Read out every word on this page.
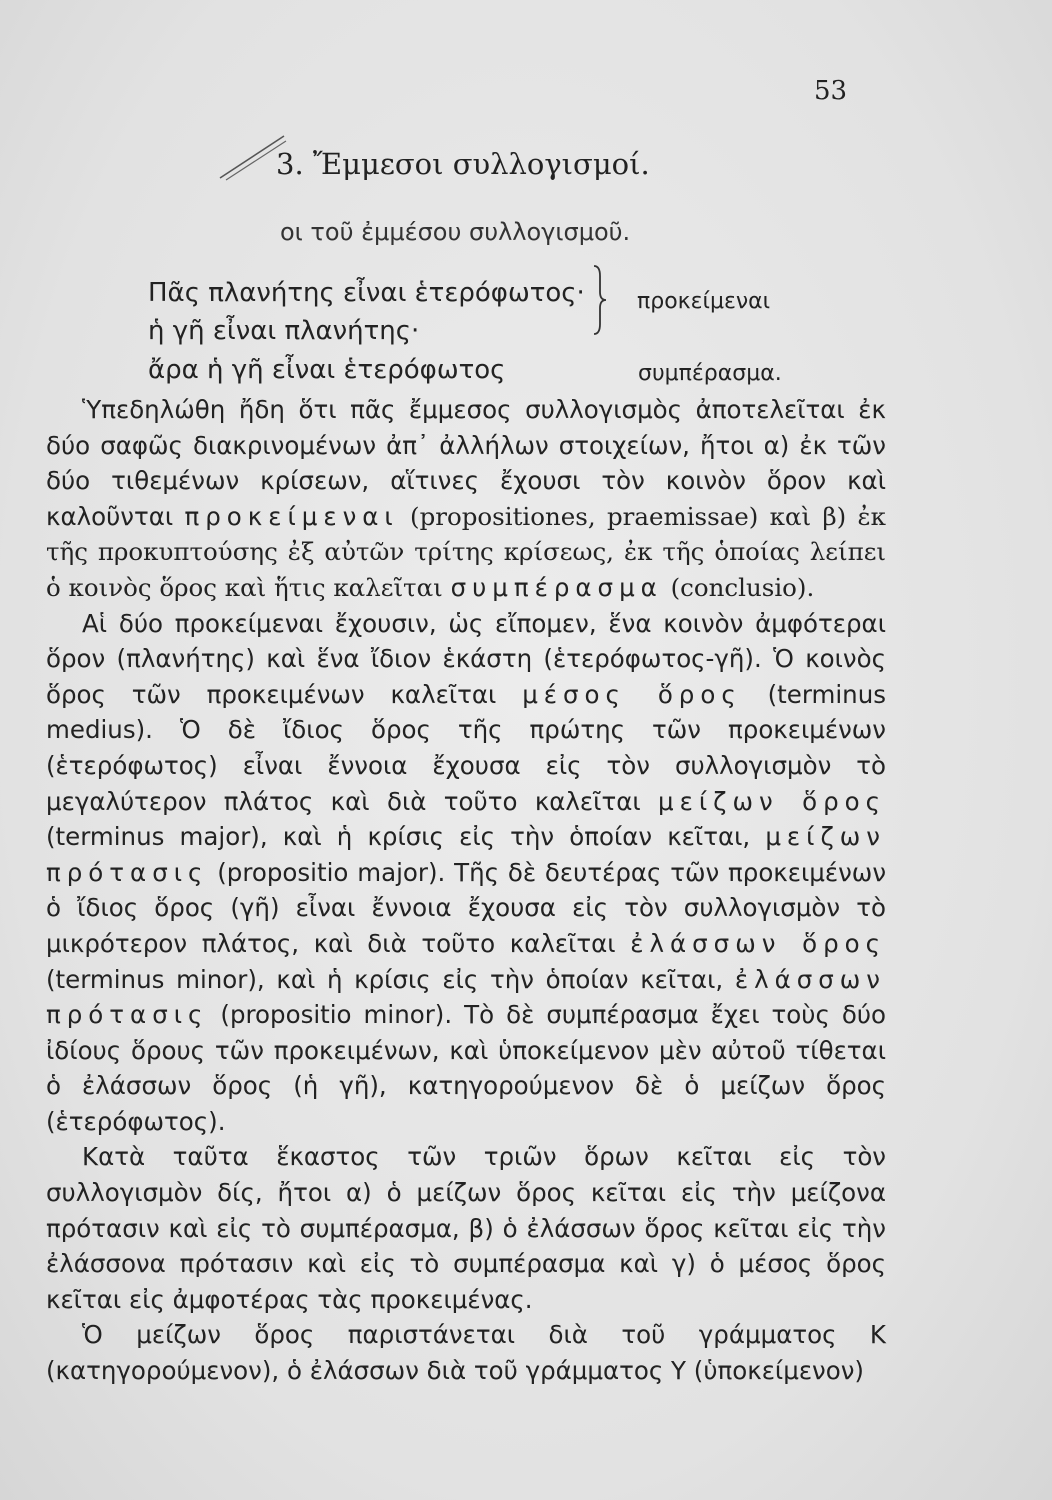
53
3. Ἔμμεσοι συλλογισμοί.
οι τοῦ ἐμμέσου συλλογισμοῦ.
Πᾶς πλανήτης εἶναι ἑτερόφωτος·
ἡ γῆ εἶναι πλανήτης·
ἄρα ἡ γῆ εἶναι ἑτερόφωτος
προκείμεναι
συμπέρασμα.

Ὑπεδηλώθη ἤδη ὅτι πᾶς ἔμμεσος συλλογισμὸς ἀποτελεῖται ἐκ δύο σαφῶς διακρινομένων ἀπ᾽ ἀλλήλων στοιχείων, ἤτοι α) ἐκ τῶν δύο τιθεμένων κρίσεων, αἵτινες ἔχουσι τὸν κοινὸν ὅρον καὶ καλοῦνται προκείμεναι (propositiones, praemissae) καὶ β) ἐκ τῆς προκυπτούσης ἐξ αὐτῶν τρίτης κρίσεως, ἐκ τῆς ὁποίας λείπει ὁ κοινὸς ὅρος καὶ ἥτις καλεῖται συμπέρασμα (conclusio).

Αἱ δύο προκείμεναι ἔχουσιν, ὡς εἴπομεν, ἕνα κοινὸν ἀμφότεραι ὅρον (πλανήτης) καὶ ἕνα ἴδιον ἑκάστη (ἑτερόφωτος-γῆ). Ὁ κοινὸς ὅρος τῶν προκειμένων καλεῖται μέσος ὅρος (terminus medius). Ὁ δὲ ἴδιος ὅρος τῆς πρώτης τῶν προκειμένων (ἑτερόφωτος) εἶναι ἔννοια ἔχουσα εἰς τὸν συλλογισμὸν τὸ μεγαλύτερον πλάτος καὶ διὰ τοῦτο καλεῖται μείζων ὅρος (terminus major), καὶ ἡ κρίσις εἰς τὴν ὁποίαν κεῖται, μείζων πρότασις (propositio major). Τῆς δὲ δευτέρας τῶν προκειμένων ὁ ἴδιος ὅρος (γῆ) εἶναι ἔννοια ἔχουσα εἰς τὸν συλλογισμὸν τὸ μικρότερον πλάτος, καὶ διὰ τοῦτο καλεῖται ἐλάσσων ὅρος (terminus minor), καὶ ἡ κρίσις εἰς τὴν ὁποίαν κεῖται, ἐλάσσων πρότασις (propositio minor). Τὸ δὲ συμπέρασμα ἔχει τοὺς δύο ἰδίους ὅρους τῶν προκειμένων, καὶ ὑποκείμενον μὲν αὐτοῦ τίθεται ὁ ἐλάσσων ὅρος (ἡ γῆ), κατηγορούμενον δὲ ὁ μείζων ὅρος (ἑτερόφωτος).

Κατὰ ταῦτα ἕκαστος τῶν τριῶν ὅρων κεῖται εἰς τὸν συλλογισμὸν δίς, ἤτοι α) ὁ μείζων ὅρος κεῖται εἰς τὴν μείζονα πρότασιν καὶ εἰς τὸ συμπέρασμα, β) ὁ ἐλάσσων ὅρος κεῖται εἰς τὴν ἐλάσσονα πρότασιν καὶ εἰς τὸ συμπέρασμα καὶ γ) ὁ μέσος ὅρος κεῖται εἰς ἀμφοτέρας τὰς προκειμένας.

Ὁ μείζων ὅρος παριστάνεται διὰ τοῦ γράμματος Κ (κατηγορούμενον), ὁ ἐλάσσων διὰ τοῦ γράμματος Υ (ὑποκείμενον)
